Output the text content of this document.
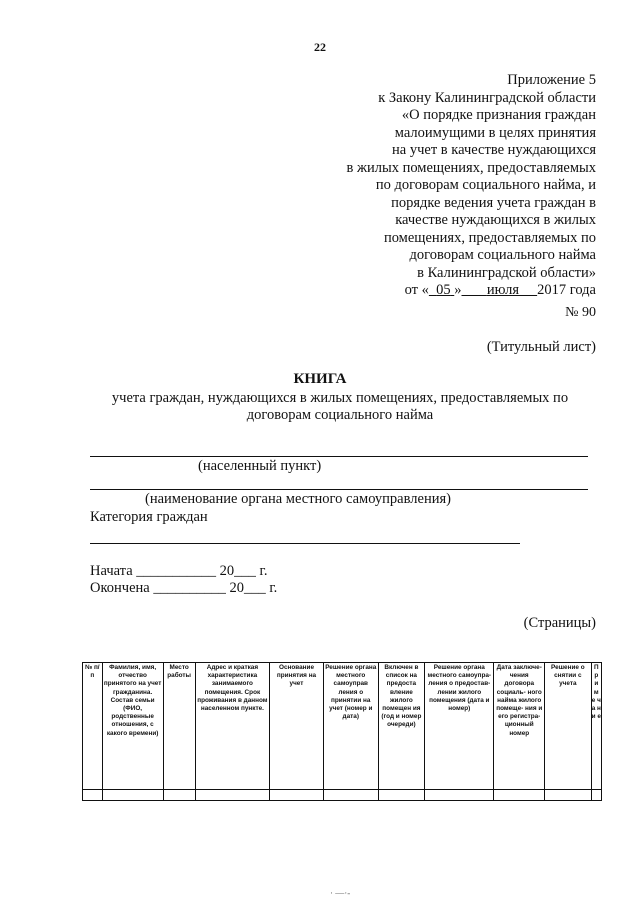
22
Приложение 5
к Закону Калининградской области
«О порядке признания граждан
малоимущими в целях принятия
на учет в качестве нуждающихся
в жилых помещениях, предоставляемых
по договорам социального найма, и
порядке ведения учета граждан в
качестве нуждающихся в жилых
помещениях, предоставляемых по
договорам социального найма
в Калининградской области»
от « 05 » июля 2017 года
№ 90
(Титульный лист)
КНИГА
учета граждан, нуждающихся в жилых помещениях, предоставляемых по договорам социального найма
(населенный пункт)
(наименование органа местного самоуправления)
Категория граждан
Начата ___________ 20___ г.
Окончена __________ 20___ г.
(Страницы)
№ п/п	Фамилия, имя, отчество принятого на учет гражданина. Состав семьи (ФИО, родственные отношения, с какого времени)	Место работы	Адрес и краткая характеристика занимаемого помещения. Срок проживания в данном населенном пункте.	Основание принятия на учет	Решение органа местного самоуправ ления о принятии на учет (номер и дата)	Включен в список на предоста вление жилого помещен ия (год и номер очереди)	Решение органа местного самоупра- ления о предостав- лении жилого помещения (дата и номер)	Дата заключе- чения договора социаль- ного найма жилого помеще- ния и его регистра- ционный номер	Решение о снятии с учета	П р и м е ч а н и е

· —·-
